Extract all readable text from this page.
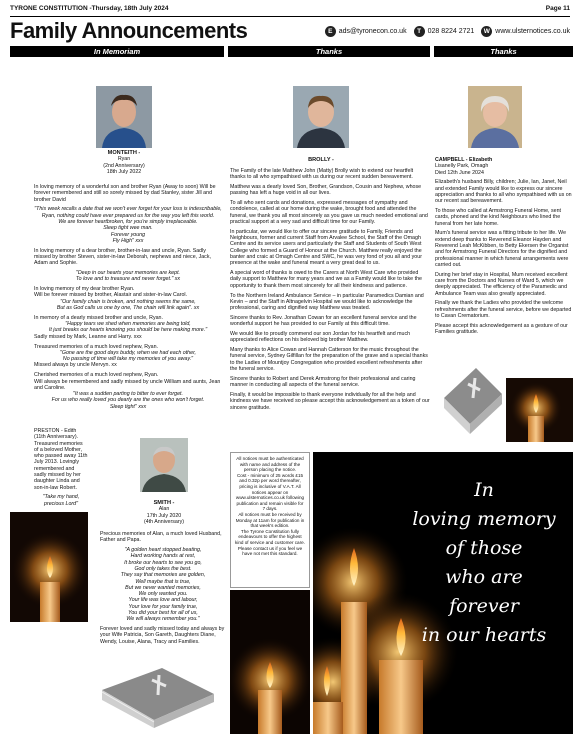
TYRONE CONSTITUTION -Thursday, 18th July 2024	Page 11
Family Announcements	E ads@tyronecon.co.uk	T 028 8224 2721	W www.ulsternotices.co.uk
In Memoriam	Thanks	Thanks
MONTEITH -
Ryan
(2nd Anniversary)
18th July 2022

In loving memory of a wonderful son and brother Ryan (Away to soon) Will be forever remembered and still so sorely missed by dad Stanley, sister Jill and brother David

"This week recalls a date that we won't ever forget for your loss is indescribable,
Ryan, nothing could have ever prepared us for the way you left this world.
We are forever heartbroken, for you're simply irreplaceable.
Sleep tight wee man.
Forever young
Fly High" xxx

In loving memory of a dear brother, brother-in-law and uncle, Ryan. Sadly missed by brother Steven, sister-in-law Deborah, nephews and niece, Jack, Adam and Sophie.

"Deep in our hearts your memories are kept.
To love and to treasure and never forget." xx
In loving memory of my dear brother Ryan.
Will be forever missed by brother, Alastair and sister-in-law Carol.
"Our family chain is broken, and nothing seems the same,
But as God calls us one by one, The chain will link again". xx
In memory of a dearly missed brother and uncle, Ryan.
"Happy tears we shed when memories are being told,
It just breaks our hearts knowing you should be here making more."
Sadly missed by Mark, Leanne and Harry. xxx
Treasured memories of a much loved nephew, Ryan.
"Gone are the good days buddy, when we had each other,
No passing of time will take my memories of you away."
Missed always by uncle Mervyn. xx
Cherished memories of a much loved nephew, Ryan.
Will always be remembered and sadly missed by uncle William and aunts, Jean and Caroline.
"It was a sudden parting to bitter to ever forget.
For us who really loved you dearly are the ones who won't forget.
Sleep tight" xxx

PRESTON - Edith (11th Anniversary). Treasured memories of a beloved Mother, who passed away 11th July 2013. Lovingly remembered and sadly missed by her daughter Linda and son-in-law Robert.

"Take my hand, precious Lord"	SMITH -
Alan
17th July 2020
(4th Anniversary)

Precious memories of Alan, a much loved Husband, Father and Papa.

"A golden heart stopped beating,
Hard working hands at rest,
It broke our hearts to see you go,
God only takes the best.
They say that memories are golden,
Well maybe that is true,
But we never wanted memories,
We only wanted you.
Your life was love and labour,
Your love for your family true,
You did your best for all of us,
We will always remember you."

Forever loved and sadly missed today and always by your Wife Patricia, Son Gareth, Daughters Diane, Wendy, Louise, Alana, Tracy and Families.

BROLLY -

The Family of the late Matthew John (Matty) Brolly wish to extend our heartfelt thanks to all who sympathised with us during our recent sudden bereavement.

Matthew was a dearly loved Son, Brother, Grandson, Cousin and Nephew, whose passing has left a huge void in all our lives.

To all who sent cards and donations, expressed messages of sympathy and condolence, called at our home during the wake, brought food and attended the funeral, we thank you all most sincerely as you gave us much needed emotional and practical support at a very sad and difficult time for our Family.

In particular, we would like to offer our sincere gratitude to Family, Friends and Neighbours, former and current Staff from Arvalee School, the Staff of the Omagh Centre and its service users and particularly the Staff and Students of South West College who formed a Guard of Honour at the Church. Matthew really enjoyed the banter and craic at Omagh Centre and SWC, he was very fond of you all and your presence at the wake and funeral meant a very great deal to us.

A special word of thanks is owed to the Carers at North West Care who provided daily support to Matthew for many years and we as a Family would like to take the opportunity to thank them most sincerely for all their kindness and patience.

To the Northern Ireland Ambulance Service – in particular Paramedics Damian and Kevin – and the Staff in Altnagelvin Hospital we would like to acknowledge the professional, caring and dignified way Matthew was treated.

Sincere thanks to Rev. Jonathan Cowan for an excellent funeral service and the wonderful support he has provided to our Family at this difficult time.

We would like to proudly commend our son Jordan for his heartfelt and much appreciated reflections on his beloved big brother Matthew.

Many thanks to Alice Cowan and Hannah Catterson for the music throughout the funeral service, Sydney Gilfillan for the preparation of the grave and a special thanks to the Ladies of Mountjoy Congregation who provided excellent refreshments after the funeral service.

Sincere thanks to Robert and Derek Armstrong for their professional and caring manner in conducting all aspects of the funeral service.

Finally, it would be impossible to thank everyone individually for all the help and kindness we have received so please accept this acknowledgement as a token of our sincere gratitude.

CAMPBELL - Elizabeth
Lisanelly Park, Omagh
Died 12th June 2024

Elizabeth's husband Billy, children; Julie, Ian, Janet, Neil and extended Family would like to express our sincere appreciation and thanks to all who sympathised with us on our recent sad bereavement.

To those who called at Armstrong Funeral Home, sent cards, phoned and the kind Neighbours who lined the funeral from her late home.

Mum's funeral service was a fitting tribute to her life. We extend deep thanks to Reverend Eleanor Hayden and Reverend Leah McKibben, to Betty Ekersen the Organist and for Armstrong Funeral Directors for the dignified and professional manner in which funeral arrangements were carried out.

During her brief stay in Hospital, Mum received excellent care from the Doctors and Nurses of Ward 5, which we deeply appreciated. The efficiency of the Paramedic and Ambulance Team was also greatly appreciated.

Finally we thank the Ladies who provided the welcome refreshments after the funeral service, before we departed to Cavan Crematorium.

Please accept this acknowledgement as a gesture of our Families gratitude.

All notices must be authenticated with name and address of the person placing the notice.
Cost - minimum of 25 words £15 and 0.32p per word thereafter, pricing is inclusive of V.A.T. All notices appear on www.ulsternotices.co.uk following publication and remain visible for 7 days.
All notices must be received by Monday at 11am for publication in that week's edition.
The Tyrone Constitution fully endeavours to offer the highest kind of service and customer care.
Please contact us if you feel we have not met this standard.
In
loving memory
of those
who are
forever
in our hearts
